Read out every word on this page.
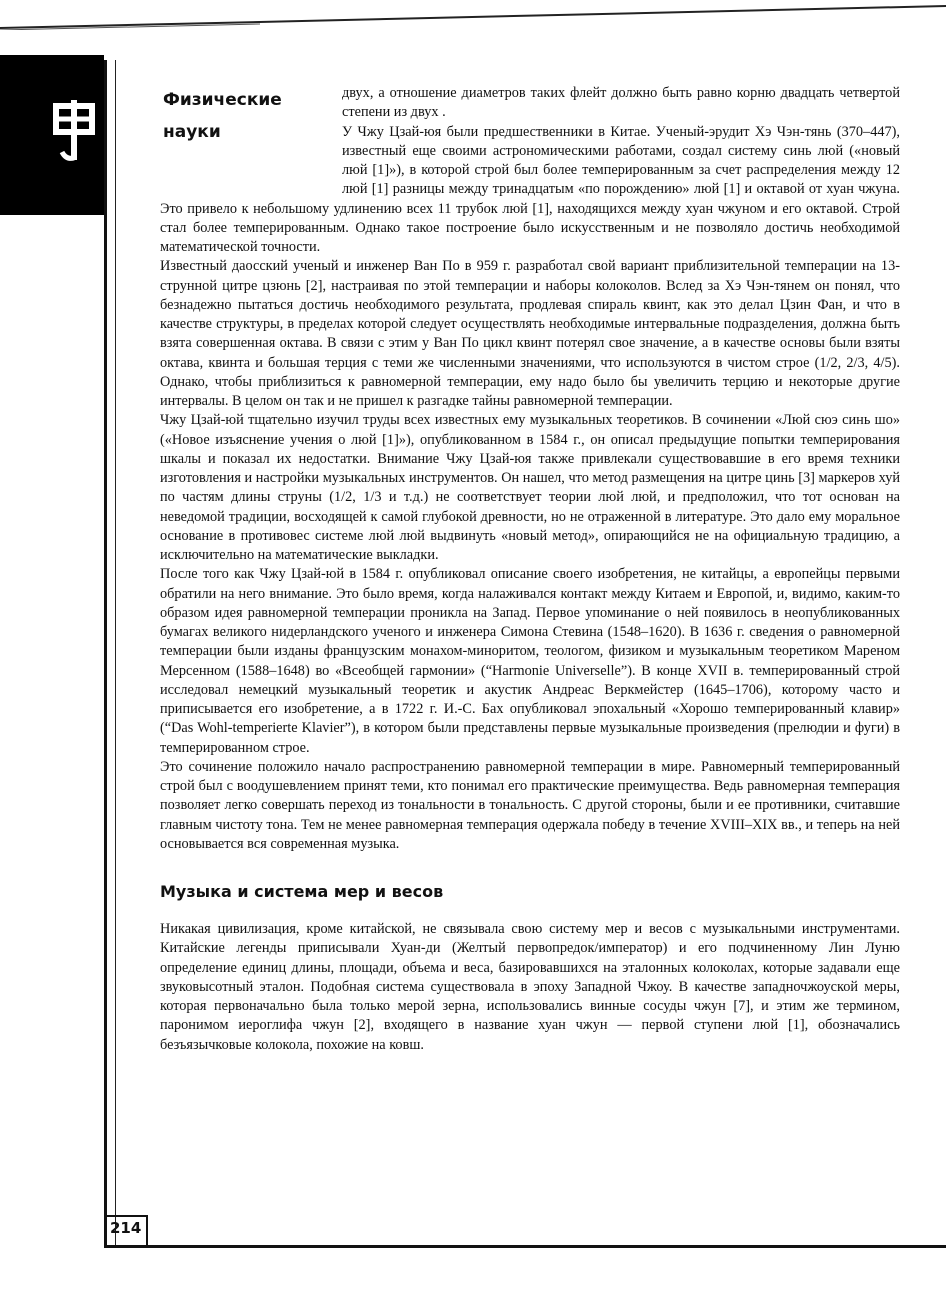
Физические
науки

двух, а отношение диаметров таких флейт должно быть равно корню двадцать четвертой степени из двух .

У Чжу Цзай-юя были предшественники в Китае. Ученый-эрудит Хэ Чэн-тянь (370–447), известный еще своими астрономическими работами, создал систему синь люй («новый люй [1]»), в которой строй был более темперированным за счет распределения между 12 люй [1] разницы между тринадцатым «по порождению» люй [1] и октавой от хуан чжуна. Это привело к небольшому удлинению всех 11 трубок люй [1], находящихся между хуан чжуном и его октавой. Строй стал более темперированным. Однако такое построение было искусственным и не позволяло достичь необходимой математической точности.

Известный даосский ученый и инженер Ван По в 959 г. разработал свой вариант приблизительной темперации на 13-струнной цитре цзюнь [2], настраивая по этой темперации и наборы колоколов. Вслед за Хэ Чэн-тянем он понял, что безнадежно пытаться достичь необходимого результата, продлевая спираль квинт, как это делал Цзин Фан, и что в качестве структуры, в пределах которой следует осуществлять необходимые интервальные подразделения, должна быть взята совершенная октава. В связи с этим у Ван По цикл квинт потерял свое значение, а в качестве основы были взяты октава, квинта и большая терция с теми же численными значениями, что используются в чистом строе (1/2, 2/3, 4/5). Однако, чтобы приблизиться к равномерной темперации, ему надо было бы увеличить терцию и некоторые другие интервалы. В целом он так и не пришел к разгадке тайны равномерной темперации.

Чжу Цзай-юй тщательно изучил труды всех известных ему музыкальных теоретиков. В сочинении «Люй сюэ синь шо» («Новое изъяснение учения о люй [1]»), опубликованном в 1584 г., он описал предыдущие попытки темперирования шкалы и показал их недостатки. Внимание Чжу Цзай-юя также привлекали существовавшие в его время техники изготовления и настройки музыкальных инструментов. Он нашел, что метод размещения на цитре цинь [3] маркеров хуй по частям длины струны (1/2, 1/3 и т.д.) не соответствует теории люй люй, и предположил, что тот основан на неведомой традиции, восходящей к самой глубокой древности, но не отраженной в литературе. Это дало ему моральное основание в противовес системе люй люй выдвинуть «новый метод», опирающийся не на официальную традицию, а исключительно на математические выкладки.

После того как Чжу Цзай-юй в 1584 г. опубликовал описание своего изобретения, не китайцы, а европейцы первыми обратили на него внимание. Это было время, когда налаживался контакт между Китаем и Европой, и, видимо, каким-то образом идея равномерной темперации проникла на Запад. Первое упоминание о ней появилось в неопубликованных бумагах великого нидерландского ученого и инженера Симона Стевина (1548–1620). В 1636 г. сведения о равномерной темперации были изданы французским монахом-миноритом, теологом, физиком и музыкальным теоретиком Мареном Мерсенном (1588–1648) во «Всеобщей гармонии» (“Harmonie Universelle”). В конце XVII в. темперированный строй исследовал немецкий музыкальный теоретик и акустик Андреас Веркмейстер (1645–1706), которому часто и приписывается его изобретение, а в 1722 г. И.-С. Бах опубликовал эпохальный «Хорошо темперированный клавир» (“Das Wohl-temperierte Klavier”), в котором были представлены первые музыкальные произведения (прелюдии и фуги) в темперированном строе.

Это сочинение положило начало распространению равномерной темперации в мире. Равномерный темперированный строй был с воодушевлением принят теми, кто понимал его практические преимущества. Ведь равномерная темперация позволяет легко совершать переход из тональности в тональность. С другой стороны, были и ее противники, считавшие главным чистоту тона. Тем не менее равномерная темперация одержала победу в течение XVIII–XIX вв., и теперь на ней основывается вся современная музыка.

Музыка и система мер и весов

Никакая цивилизация, кроме китайской, не связывала свою систему мер и весов с музыкальными инструментами. Китайские легенды приписывали Хуан-ди (Желтый первопредок/император) и его подчиненному Лин Луню определение единиц длины, площади, объема и веса, базировавшихся на эталонных колоколах, которые задавали еще звуковысотный эталон. Подобная система существовала в эпоху Западной Чжоу. В качестве западночжоуской меры, которая первоначально была только мерой зерна, использовались винные сосуды чжун [7], и этим же термином, паронимом иероглифа чжун [2], входящего в название хуан чжун — первой ступени люй [1], обозначались безъязычковые колокола, похожие на ковш.

214
